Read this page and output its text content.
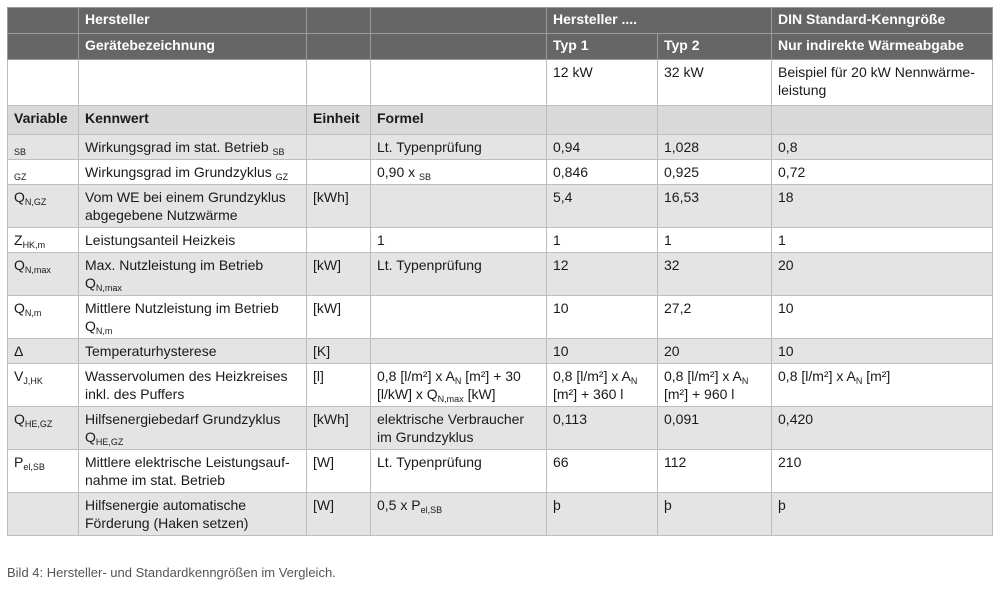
	Hersteller			Hersteller ....		DIN Standard-Kenngröße
	Gerätebezeichnung			Typ 1	Typ 2	Nur indirekte Wärmeabgabe
				12 kW	32 kW	Beispiel für 20 kW Nennwärme-leistung
Variable	Kennwert	Einheit	Formel			
$_{SB}$	Wirkungsgrad im stat. Betrieb $_{SB}$		Lt. Typenprüfung	0,94	1,028	0,8
$_{GZ}$	Wirkungsgrad im Grundzyklus $_{GZ}$		0,90 x $_{SB}$	0,846	0,925	0,72
$Q_{N,GZ}$	Vom WE bei einem Grundzyklus abgegebene Nutzwärme	[kWh]		5,4	16,53	18
$Z_{HK,m}$	Leistungsanteil Heizkeis		1	1	1	1
$Q_{N,max}$	Max. Nutzleistung im Betrieb $Q_{N,max}$	[kW]	Lt. Typenprüfung	12	32	20
$Q_{N,m}$	Mittlere Nutzleistung im Betrieb $Q_{N,m}$	[kW]		10	27,2	10
Δ	Temperaturhysterese	[K]		10	20	10
$V_{J,HK}$	Wasservolumen des Heizkreises inkl. des Puffers	[l]	0,8 [l/m²] x $A_N$ [m²] + 30 [l/kW] x $Q_{N,max}$ [kW]	0,8 [l/m²] x $A_N$ [m²] + 360 l	0,8 [l/m²] x $A_N$ [m²] + 960 l	0,8 [l/m²] x $A_N$ [m²]
$Q_{HE,GZ}$	Hilfsenergiebedarf Grundzyklus $Q_{HE,GZ}$	[kWh]	elektrische Verbraucher im Grundzyklus	0,113	0,091	0,420
$P_{el,SB}$	Mittlere elektrische Leistungsauf-nahme im stat. Betrieb	[W]	Lt. Typenprüfung	66	112	210
	Hilfsenergie automatische Förderung (Haken setzen)	[W]	0,5 x $P_{el,SB}$	þ	þ	þ
Bild 4: Hersteller- und Standardkenngrößen im Vergleich.
